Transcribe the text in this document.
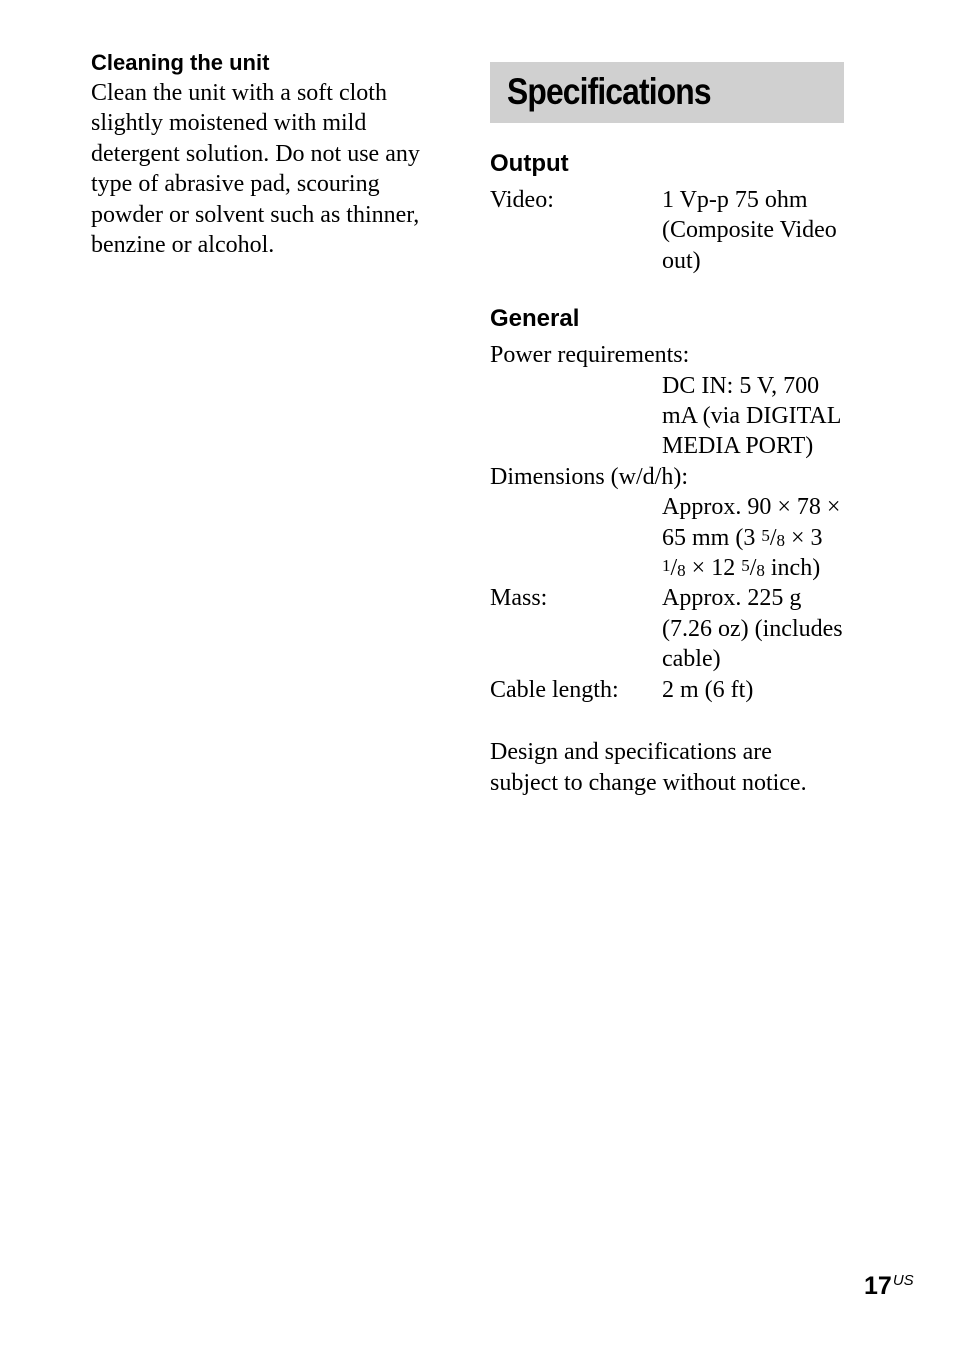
Cleaning the unit

Clean the unit with a soft cloth slightly moistened with mild detergent solution. Do not use any type of abrasive pad, scouring powder or solvent such as thinner, benzine or alcohol.

Specifications
Output
Video:	1 Vp-p 75 ohm (Composite Video out)
General

Power requirements:

DC IN: 5 V, 700 mA (via DIGITAL MEDIA PORT)

Dimensions (w/d/h):

Approx. 90 × 78 × 65 mm (3 $^5/_8 \times 3$ $^1/_8 \times 12$ $^5/_8$ inch)

Mass:	Approx. 225 g (7.26 oz) (includes cable)
Cable length:	2 m (6 ft)

Design and specifications are subject to change without notice.

$17^{US}$
